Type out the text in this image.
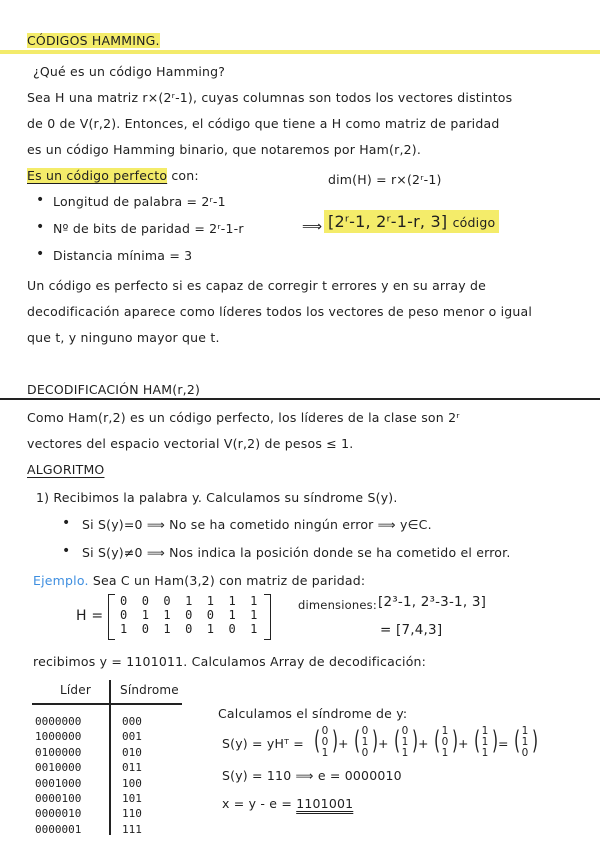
CÓDIGOS HAMMING.
¿Qué es un código Hamming?
Sea H una matriz r×(2ʳ-1), cuyas columnas son todos los vectores distintos
de 0 de V(r,2). Entonces, el código que tiene a H como matriz de paridad
es un código Hamming binario, que notaremos por Ham(r,2).
Es un código perfecto con:	dim(H) = r×(2ʳ-1)
• Longitud de palabra = 2ʳ-1
• Nº de bits de paridad = 2ʳ-1-r
• Distancia mínima = 3
⟹ [2ʳ-1, 2ʳ-1-r, 3] código
Un código es perfecto si es capaz de corregir t errores y en su array de
decodificación aparece como líderes todos los vectores de peso menor o igual
que t, y ninguno mayor que t.
DECODIFICACIÓN HAM(r,2)
Como Ham(r,2) es un código perfecto, los líderes de la clase son 2ʳ
vectores del espacio vectorial V(r,2) de pesos ≤ 1.
ALGORITMO
1) Recibimos la palabra y. Calculamos su síndrome S(y).
• Si S(y)=0 ⟹ No se ha cometido ningún error ⟹ y∈C.
• Si S(y)≠0 ⟹ Nos indica la posición donde se ha cometido el error.
Ejemplo. Sea C un Ham(3,2) con matriz de paridad:
H =
0 0 0 1 1 1 1
0 1 1 0 0 1 1
1 0 1 0 1 0 1
dimensiones: [2³-1, 2³-3-1, 3]
= [7,4,3]
recibimos y = 1101011. Calculamos Array de decodificación:
Líder Síndrome
0000000
1000000
0100000
0010000
0001000
0000100
0000010
0000001
000
001
010
011
100
101
110
111
Calculamos el síndrome de y:
S(y) = yHᵀ = ( 0
0
1 ) + ( 0
1
0 ) + ( 0
1
1 ) + ( 1
0
1 ) + ( 1
1
1 ) = ( 1
1
0 )
S(y) = 110 ⟹ e = 0000010
x = y - e = 1101001
